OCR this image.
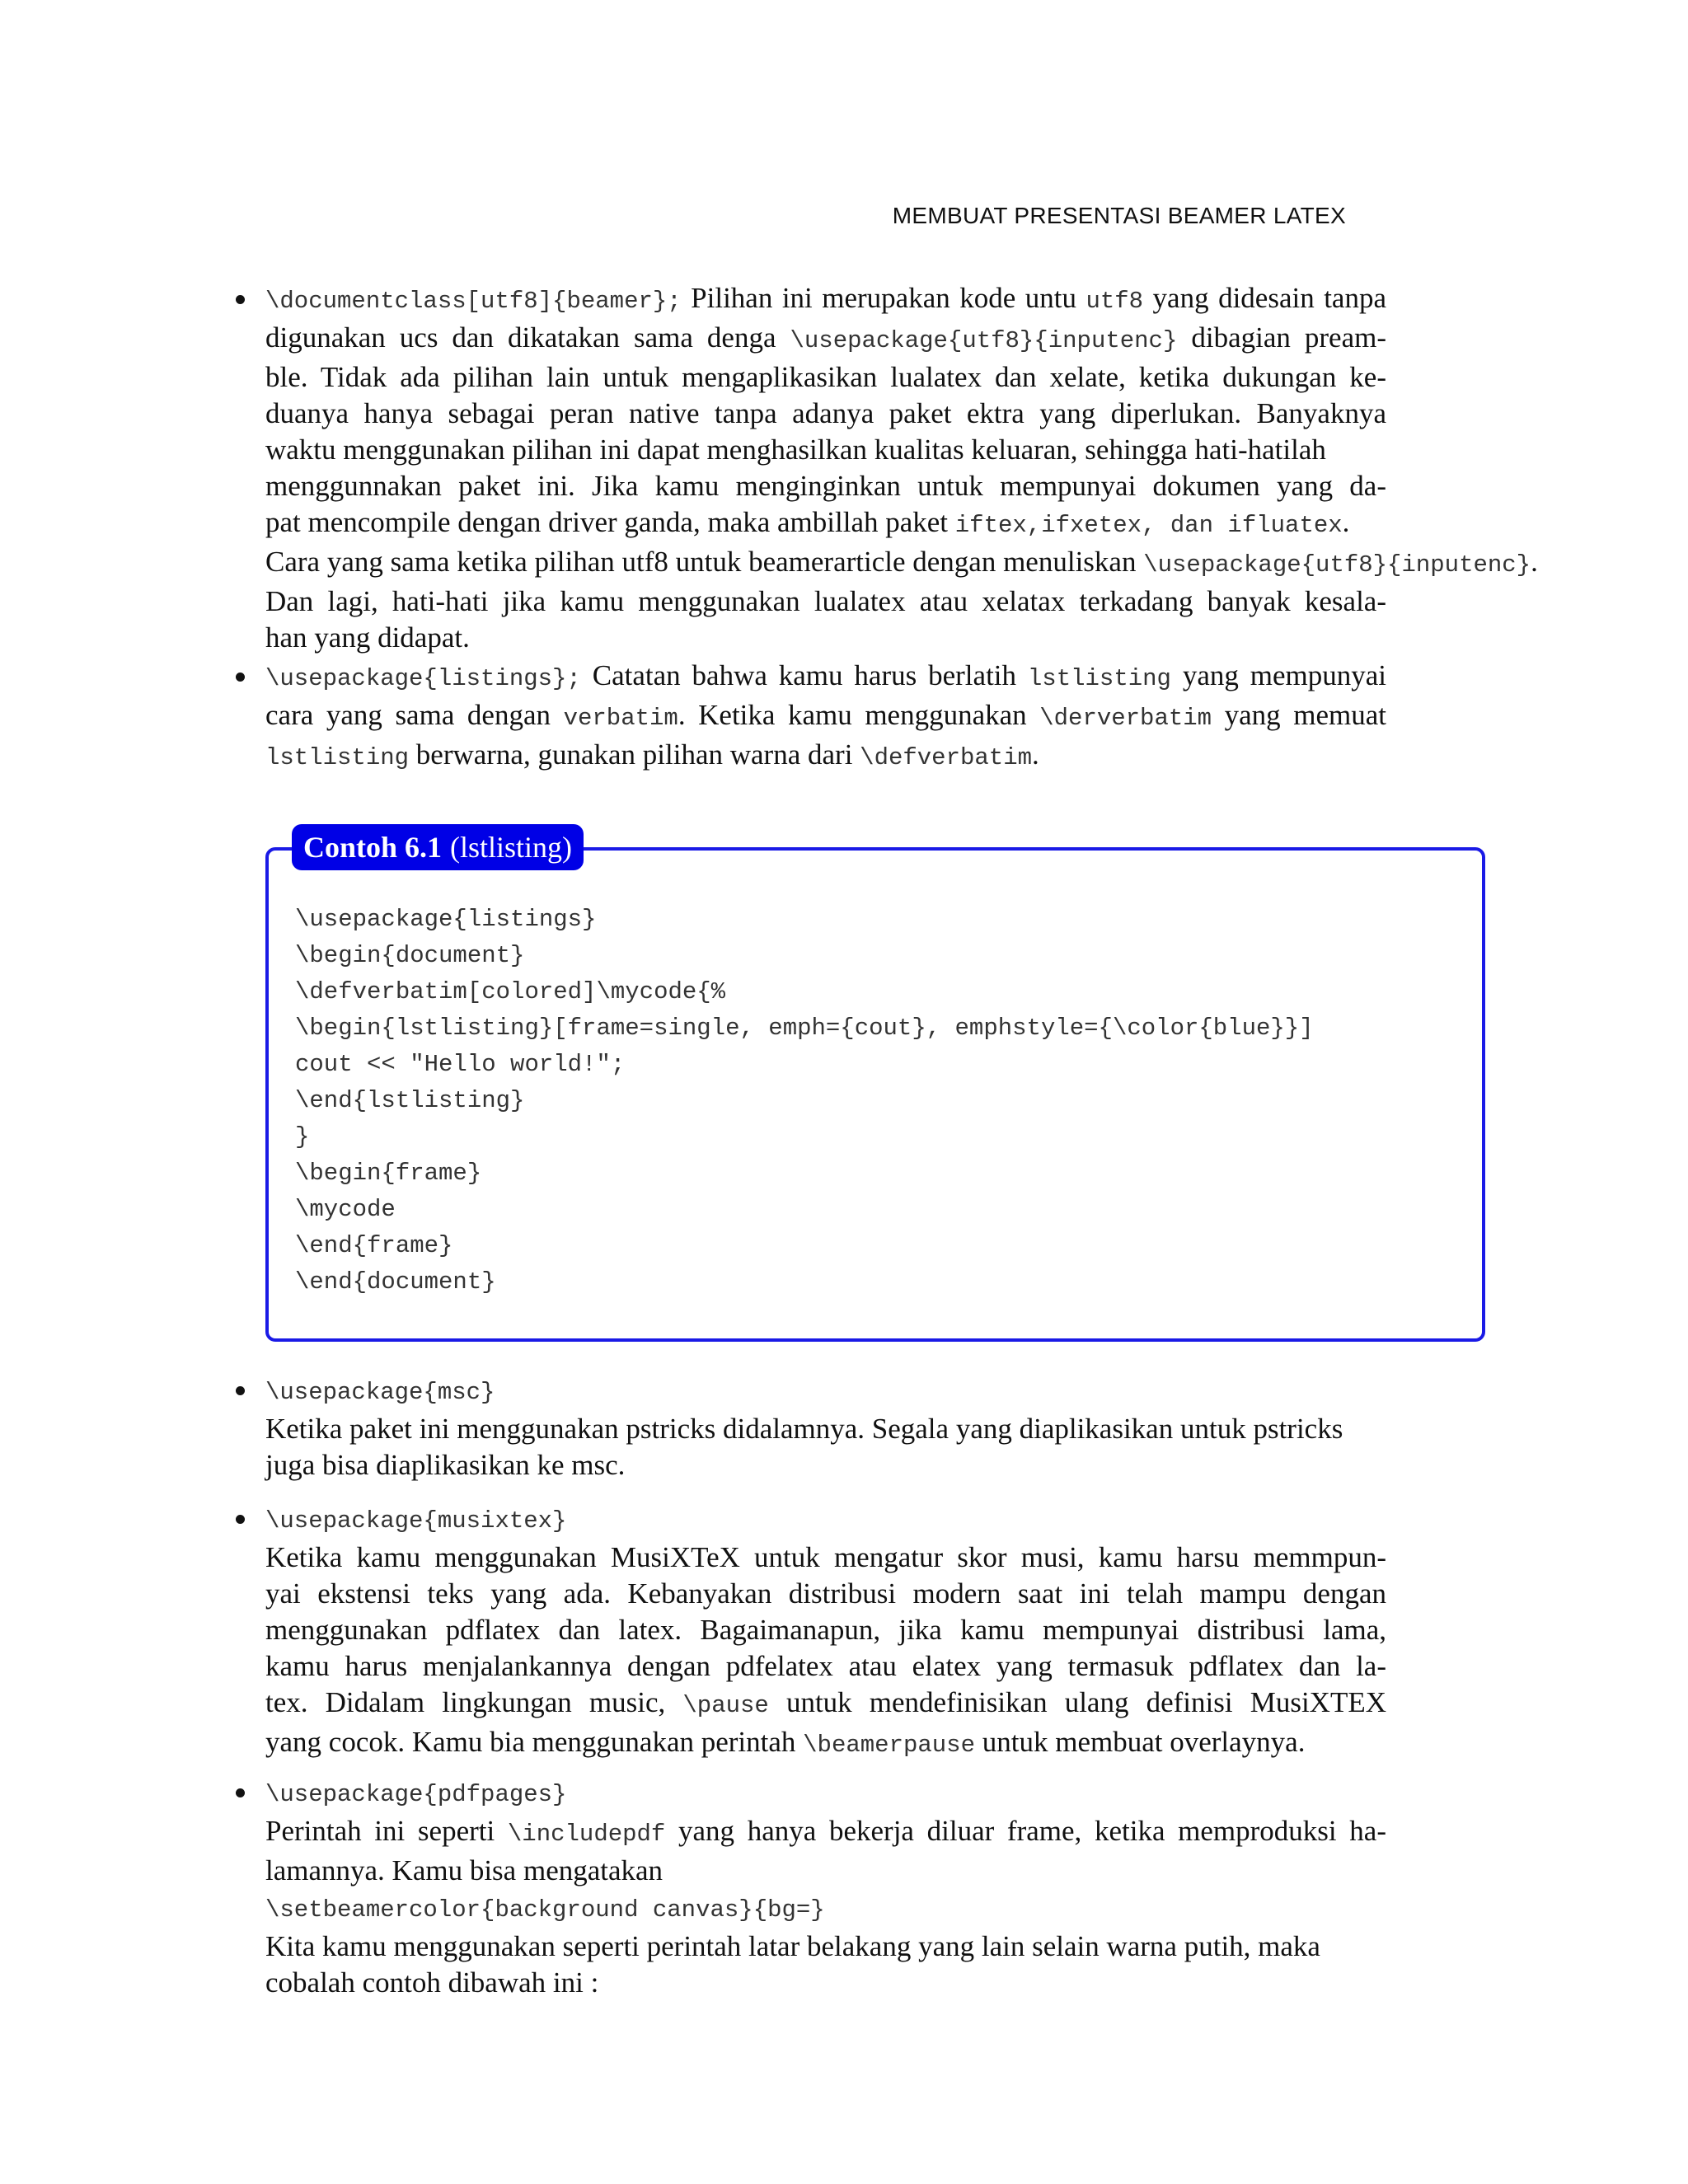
MEMBUAT PRESENTASI BEAMER LATEX
\documentclass[utf8]{beamer}; Pilihan ini merupakan kode untu utf8 yang didesain tanpa
digunakan ucs dan dikatakan sama denga \usepackage{utf8}{inputenc} dibagian pream-
ble. Tidak ada pilihan lain untuk mengaplikasikan lualatex dan xelate, ketika dukungan ke-
duanya hanya sebagai peran native tanpa adanya paket ektra yang diperlukan. Banyaknya
waktu menggunakan pilihan ini dapat menghasilkan kualitas keluaran, sehingga hati-hatilah
menggunnakan paket ini. Jika kamu menginginkan untuk mempunyai dokumen yang da-
pat mencompile dengan driver ganda, maka ambillah paket iftex,ifxetex, dan ifluatex.
Cara yang sama ketika pilihan utf8 untuk beamerarticle dengan menuliskan \usepackage{utf8}{inputenc}.
Dan lagi, hati-hati jika kamu menggunakan lualatex atau xelatax terkadang banyak kesala-
han yang didapat.
\usepackage{listings}; Catatan bahwa kamu harus berlatih lstlisting yang mempunyai
cara yang sama dengan verbatim. Ketika kamu menggunakan \derverbatim yang memuat
lstlisting berwarna, gunakan pilihan warna dari \defverbatim.
Contoh 6.1 (lstlisting)
\usepackage{listings}
\begin{document}
\defverbatim[colored]\mycode{%
\begin{lstlisting}[frame=single, emph={cout}, emphstyle={\color{blue}}]
cout << "Hello world!";
\end{lstlisting}
}
\begin{frame}
\mycode
\end{frame}
\end{document}
\usepackage{msc}
Ketika paket ini menggunakan pstricks didalamnya. Segala yang diaplikasikan untuk pstricks
juga bisa diaplikasikan ke msc.
\usepackage{musixtex}
Ketika kamu menggunakan MusiXTeX untuk mengatur skor musi, kamu harsu memmpun-
yai ekstensi teks yang ada. Kebanyakan distribusi modern saat ini telah mampu dengan
menggunakan pdflatex dan latex. Bagaimanapun, jika kamu mempunyai distribusi lama,
kamu harus menjalankannya dengan pdfelatex atau elatex yang termasuk pdflatex dan la-
tex. Didalam lingkungan music, \pause untuk mendefinisikan ulang definisi MusiXTEX
yang cocok. Kamu bia menggunakan perintah \beamerpause untuk membuat overlaynya.
\usepackage{pdfpages}
Perintah ini seperti \includepdf yang hanya bekerja diluar frame, ketika memproduksi ha-
lamannya. Kamu bisa mengatakan
\setbeamercolor{background canvas}{bg=}
Kita kamu menggunakan seperti perintah latar belakang yang lain selain warna putih, maka
cobalah contoh dibawah ini :
